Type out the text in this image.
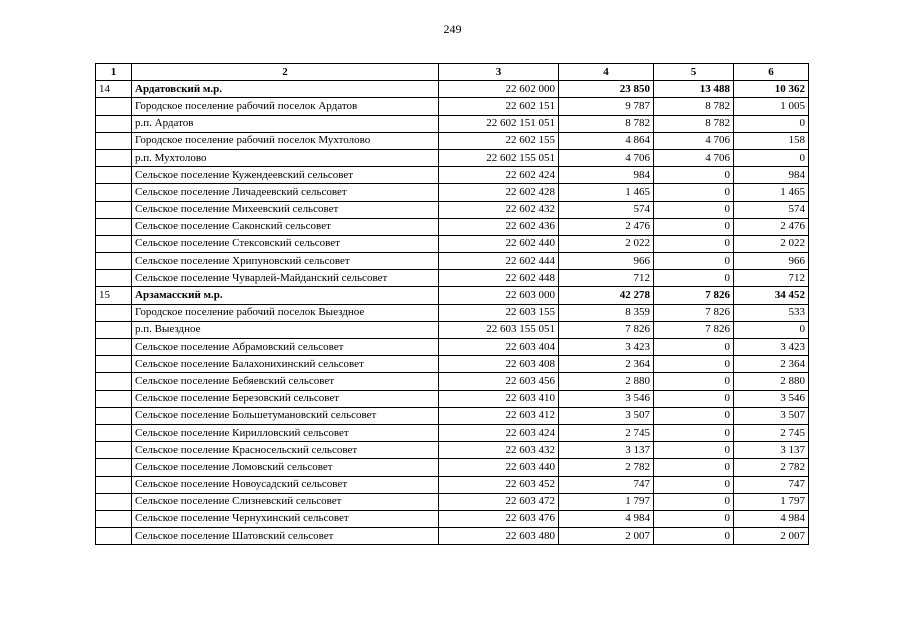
249
1	2	3	4	5	6
14	Ардатовский м.р.	22 602 000	23 850	13 488	10 362
	Городское поселение рабочий поселок Ардатов	22 602 151	9 787	8 782	1 005
	р.п. Ардатов	22 602 151 051	8 782	8 782	0
	Городское поселение рабочий поселок Мухтолово	22 602 155	4 864	4 706	158
	р.п. Мухтолово	22 602 155 051	4 706	4 706	0
	Сельское поселение Кужендеевский сельсовет	22 602 424	984	0	984
	Сельское поселение Личадеевский сельсовет	22 602 428	1 465	0	1 465
	Сельское поселение Михеевский сельсовет	22 602 432	574	0	574
	Сельское поселение Саконский сельсовет	22 602 436	2 476	0	2 476
	Сельское поселение Стексовский сельсовет	22 602 440	2 022	0	2 022
	Сельское поселение Хрипуновский сельсовет	22 602 444	966	0	966
	Сельское поселение Чуварлей-Майданский сельсовет	22 602 448	712	0	712
15	Арзамасский м.р.	22 603 000	42 278	7 826	34 452
	Городское поселение рабочий поселок Выездное	22 603 155	8 359	7 826	533
	р.п. Выездное	22 603 155 051	7 826	7 826	0
	Сельское поселение Абрамовский сельсовет	22 603 404	3 423	0	3 423
	Сельское поселение Балахонихинский сельсовет	22 603 408	2 364	0	2 364
	Сельское поселение Бебяевский сельсовет	22 603 456	2 880	0	2 880
	Сельское поселение Березовский сельсовет	22 603 410	3 546	0	3 546
	Сельское поселение Большетумановский сельсовет	22 603 412	3 507	0	3 507
	Сельское поселение Кирилловский сельсовет	22 603 424	2 745	0	2 745
	Сельское поселение Красносельский сельсовет	22 603 432	3 137	0	3 137
	Сельское поселение Ломовский сельсовет	22 603 440	2 782	0	2 782
	Сельское поселение Новоусадский сельсовет	22 603 452	747	0	747
	Сельское поселение Слизневский сельсовет	22 603 472	1 797	0	1 797
	Сельское поселение Чернухинский сельсовет	22 603 476	4 984	0	4 984
	Сельское поселение Шатовский сельсовет	22 603 480	2 007	0	2 007
